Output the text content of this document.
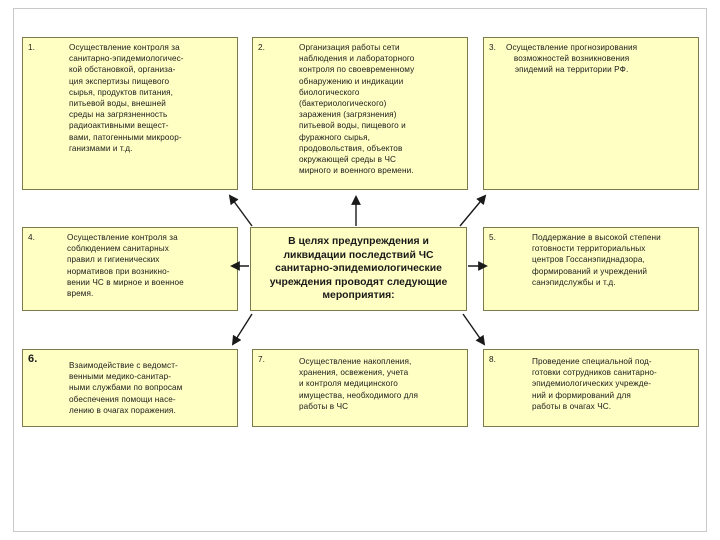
1.	Осуществление контроля за
санитарно-эпидемиологичес-
кой обстановкой, организа-
ция экспертизы пищевого
сырья, продуктов питания,
питьевой воды, внешней
среды на загрязненность
радиоактивными вещест-
вами, патогенными микроор-
ганизмами и т.д.
2.	Организация работы сети
наблюдения и лабораторного
контроля по своевременному
обнаружению и индикации
биологического
(бактериологического)
заражения (загрязнения)
питьевой воды, пищевого и
фуражного сырья,
продовольствия, объектов
окружающей среды в ЧС
мирного и военного времени.
3. Осуществление прогнозирования
возможностей возникновения
эпидемий на территории РФ.
4.	Осуществление контроля за
соблюдением санитарных
правил и гигиенических
нормативов при возникно-
вении ЧС в мирное и военное
время.
В целях предупреждения и
ликвидации последствий ЧС
санитарно-эпидемиологические
учреждения проводят следующие
мероприятия:
5.	Поддержание в высокой степени
готовности территориальных
центров Госсанэпиднадзора,
формирований и учреждений
санэпидслужбы и т.д.
6.
Взаимодействие с ведомст-
венными медико-санитар-
ными службами по вопросам
обеспечения помощи насе-
лению в очагах поражения.
7.	Осуществление накопления,
хранения, освежения, учета
и контроля медицинского
имущества, необходимого для
работы в ЧС
8.	Проведение специальной под-
готовки сотрудников санитарно-
эпидемиологических учрежде-
ний и формирований для
работы в очагах ЧС.
